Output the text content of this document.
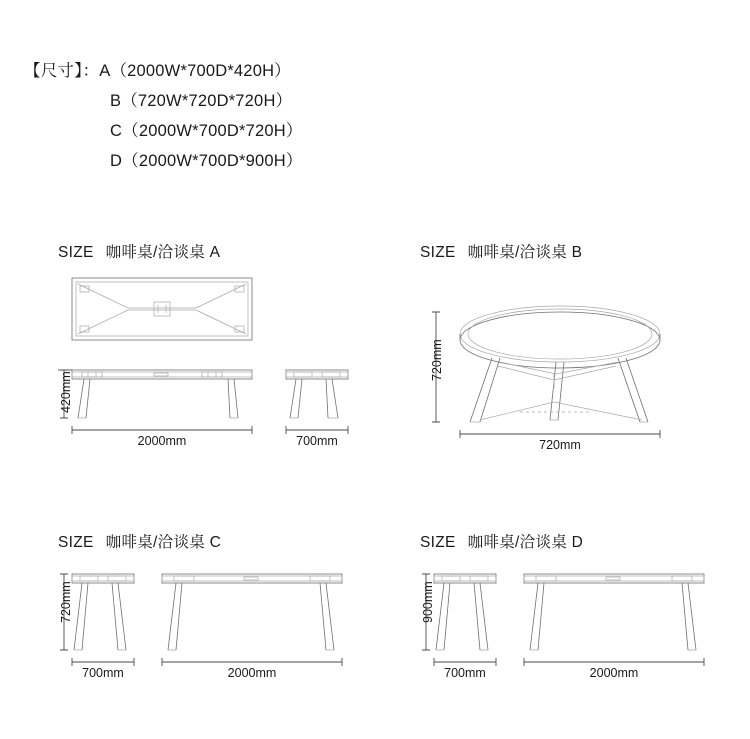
【尺寸】：A（2000W*700D*420H）
B（720W*720D*720H）
C（2000W*700D*720H）
D（2000W*700D*900H）
SIZE 咖啡桌/洽谈桌 A
420mm
2000mm	700mm
SIZE 咖啡桌/洽谈桌 B
720mm
720mm
SIZE 咖啡桌/洽谈桌 C
720mm
700mm	2000mm
SIZE 咖啡桌/洽谈桌 D
900mm
700mm	2000mm
